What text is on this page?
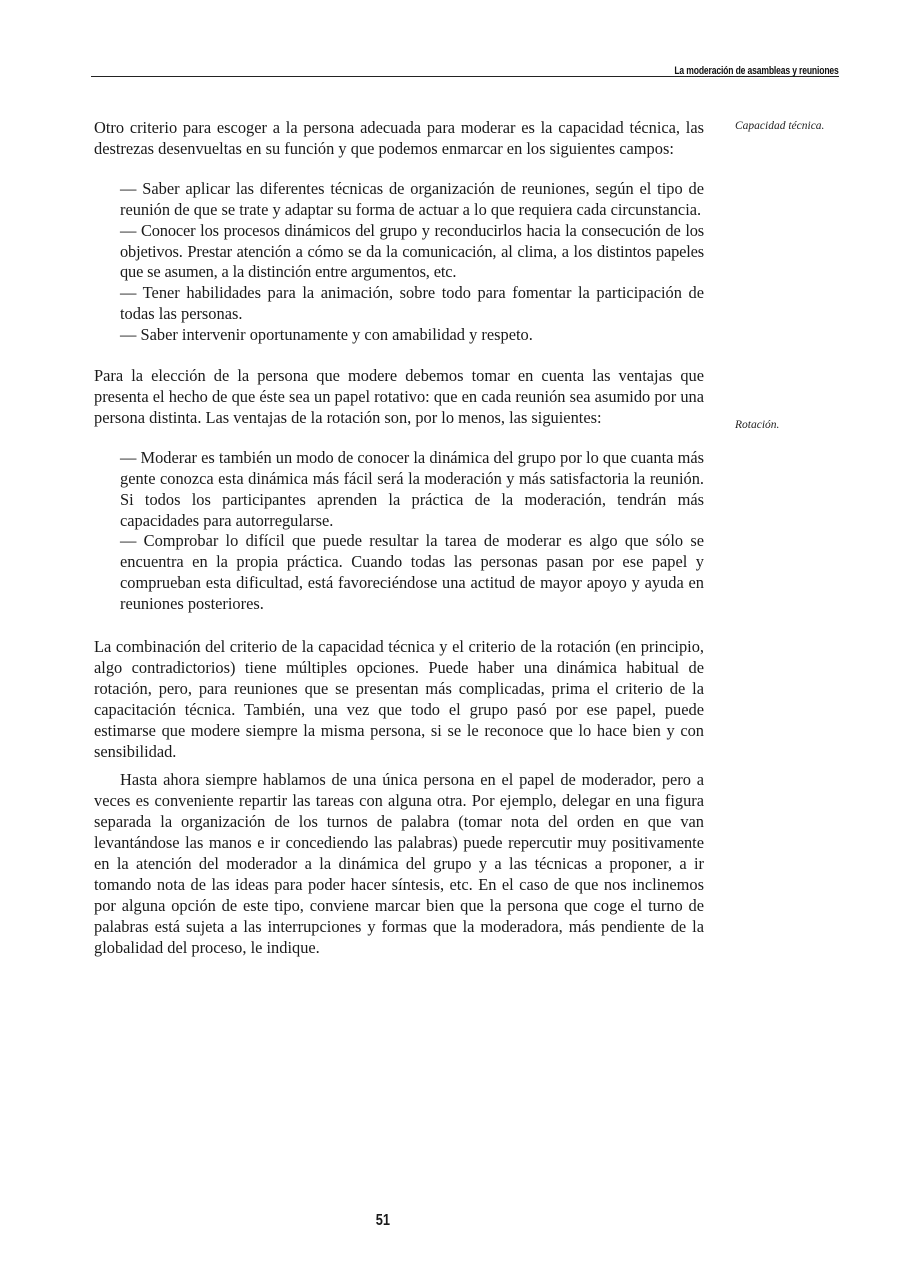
La moderación de asambleas y reuniones
Capacidad técnica.
Rotación.

Otro criterio para escoger a la persona adecuada para moderar es la capacidad técnica, las destrezas desenvueltas en su función y que podemos enmarcar en los siguientes campos:

— Saber aplicar las diferentes técnicas de organización de reuniones, según el tipo de reunión de que se trate y adaptar su forma de actuar a lo que requiera cada circunstancia.
— Conocer los procesos dinámicos del grupo y reconducirlos hacia la consecución de los objetivos. Prestar atención a cómo se da la comunicación, al clima, a los distintos papeles que se asumen, a la distinción entre argumentos, etc.
— Tener habilidades para la animación, sobre todo para fomentar la participación de todas las personas.
— Saber intervenir oportunamente y con amabilidad y respeto.

Para la elección de la persona que modere debemos tomar en cuenta las ventajas que presenta el hecho de que éste sea un papel rotativo: que en cada reunión sea asumido por una persona distinta. Las ventajas de la rotación son, por lo menos, las siguientes:

— Moderar es también un modo de conocer la dinámica del grupo por lo que cuanta más gente conozca esta dinámica más fácil será la moderación y más satisfactoria la reunión. Si todos los participantes aprenden la práctica de la moderación, tendrán más capacidades para autorregularse.
— Comprobar lo difícil que puede resultar la tarea de moderar es algo que sólo se encuentra en la propia práctica. Cuando todas las personas pasan por ese papel y comprueban esta dificultad, está favoreciéndose una actitud de mayor apoyo y ayuda en reuniones posteriores.

La combinación del criterio de la capacidad técnica y el criterio de la rotación (en principio, algo contradictorios) tiene múltiples opciones. Puede haber una dinámica habitual de rotación, pero, para reuniones que se presentan más complicadas, prima el criterio de la capacitación técnica. También, una vez que todo el grupo pasó por ese papel, puede estimarse que modere siempre la misma persona, si se le reconoce que lo hace bien y con sensibilidad.

Hasta ahora siempre hablamos de una única persona en el papel de moderador, pero a veces es conveniente repartir las tareas con alguna otra. Por ejemplo, delegar en una figura separada la organización de los turnos de palabra (tomar nota del orden en que van levantándose las manos e ir concediendo las palabras) puede repercutir muy positivamente en la atención del moderador a la dinámica del grupo y a las técnicas a proponer, a ir tomando nota de las ideas para poder hacer síntesis, etc. En el caso de que nos inclinemos por alguna opción de este tipo, conviene marcar bien que la persona que coge el turno de palabras está sujeta a las interrupciones y formas que la moderadora, más pendiente de la globalidad del proceso, le indique.

51
